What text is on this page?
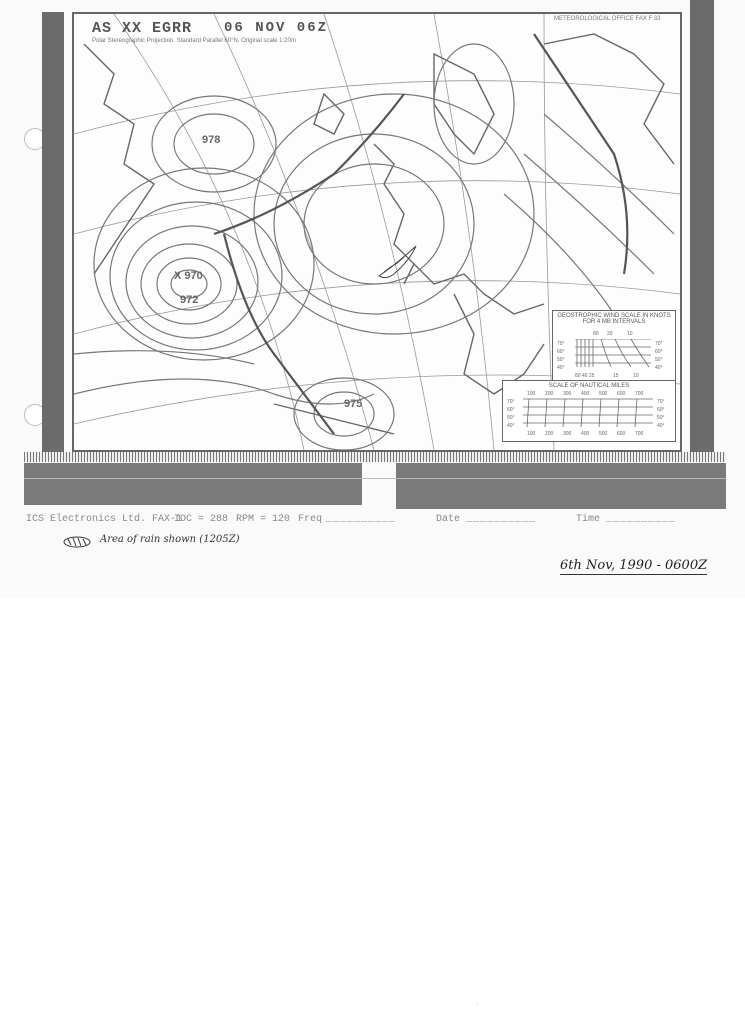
AS XX EGRR 06 NOV 06Z
Polar Stereographic Projection. Standard Parallel 60°N. Original scale 1:20m
METEOROLOGICAL OFFICE FAX F 33
978
X 970
972
975
GEOSTROPHIC WIND SCALE IN KNOTS FOR 4 MB INTERVALS
80 20	10
70°
60°
50°
40°
70°
60°
50°
40°
80 40 25	15	10
SCALE OF NAUTICAL MILES
70°
60°
50°
40°
70°
60°
50°
40°
100 200 300 400 500 600 700
100 200 300 400 500 600 700
ICS Electronics Ltd. FAX-1
IOC = 288 RPM = 120 Freq __________	Date __________	Time __________
Area of rain shown (1205Z)
6th Nov, 1990 - 0600Z
·
